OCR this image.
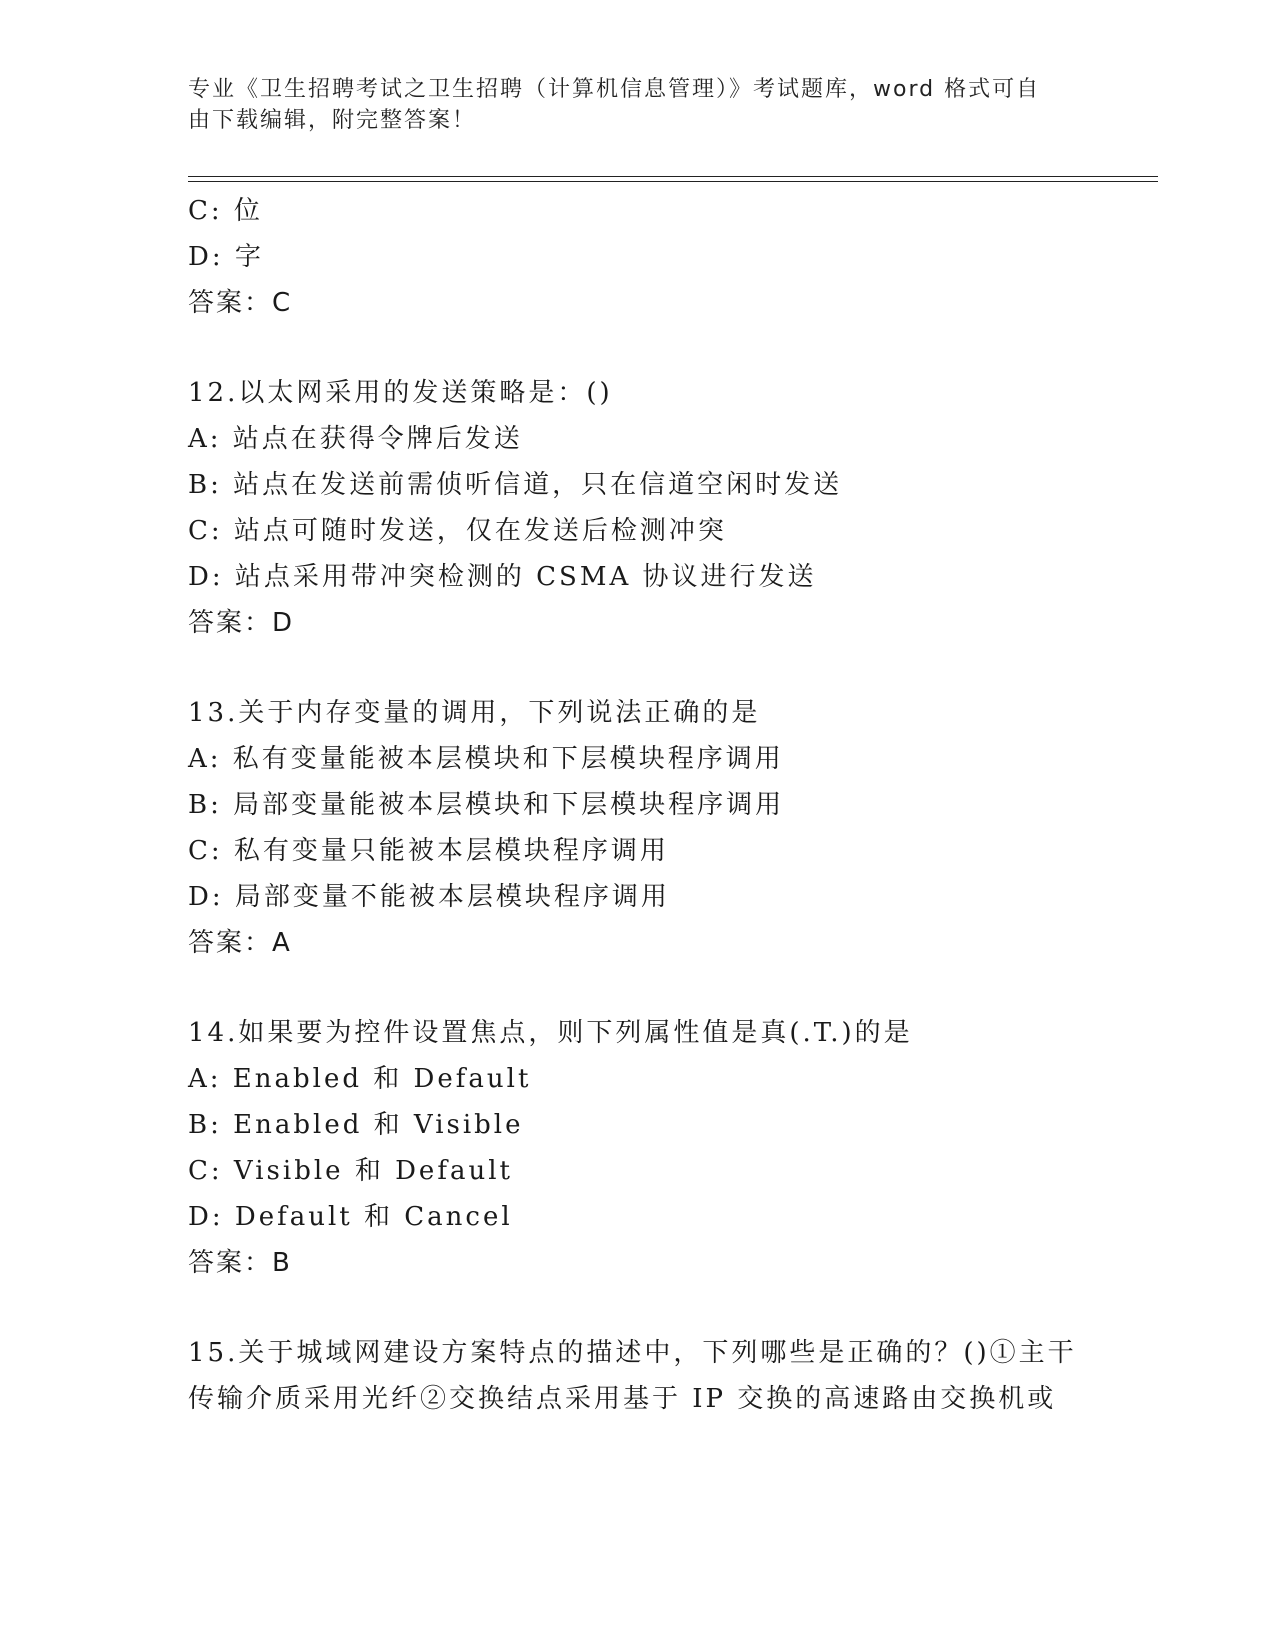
专业《卫生招聘考试之卫生招聘（计算机信息管理）》考试题库，word 格式可自
由下载编辑，附完整答案！
C: 位
D: 字
答案：C
12.以太网采用的发送策略是：()
A: 站点在获得令牌后发送
B: 站点在发送前需侦听信道，只在信道空闲时发送
C: 站点可随时发送，仅在发送后检测冲突
D: 站点采用带冲突检测的 CSMA 协议进行发送
答案：D
13.关于内存变量的调用，下列说法正确的是
A: 私有变量能被本层模块和下层模块程序调用
B: 局部变量能被本层模块和下层模块程序调用
C: 私有变量只能被本层模块程序调用
D: 局部变量不能被本层模块程序调用
答案：A
14.如果要为控件设置焦点，则下列属性值是真(.T.)的是
A: Enabled 和 Default
B: Enabled 和 Visible
C: Visible 和 Default
D: Default 和 Cancel
答案：B
15.关于城域网建设方案特点的描述中，下列哪些是正确的？()①主干
传输介质采用光纤②交换结点采用基于 IP 交换的高速路由交换机或
